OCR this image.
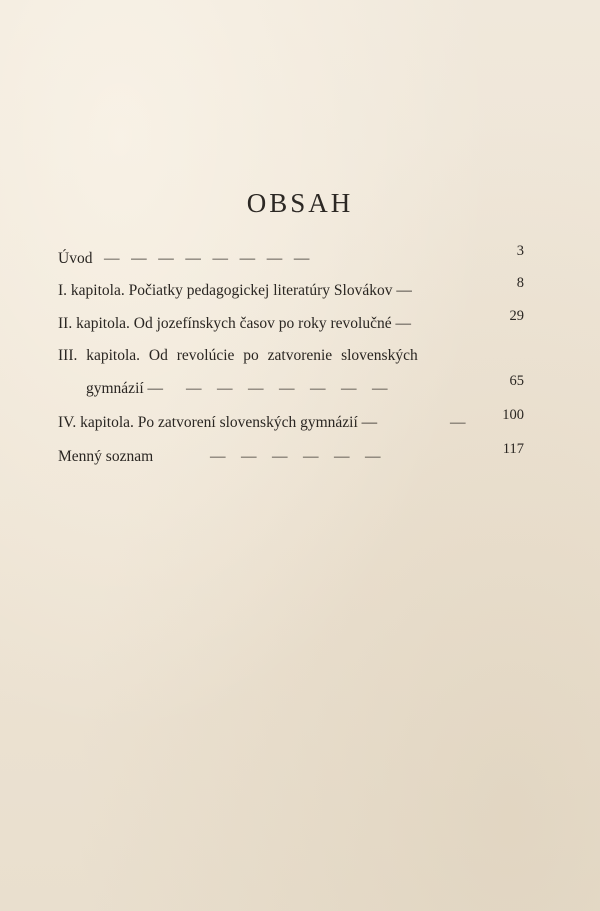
OBSAH
Úvod —   —   —   —   —   —   —   —	3
I. kapitola. Počiatky pedagogickej literatúry Slovákov —	8
II. kapitola. Od jozefínskych časov po roky revolučné —	29
III. kapitola. Od revolúcie po zatvorenie slovenských
gymnázií — —    —    —    —    —    —    —	65
IV. kapitola. Po zatvorení slovenských gymnázií —	—	100
Menný soznam	—    —    —    —    —    —	117
